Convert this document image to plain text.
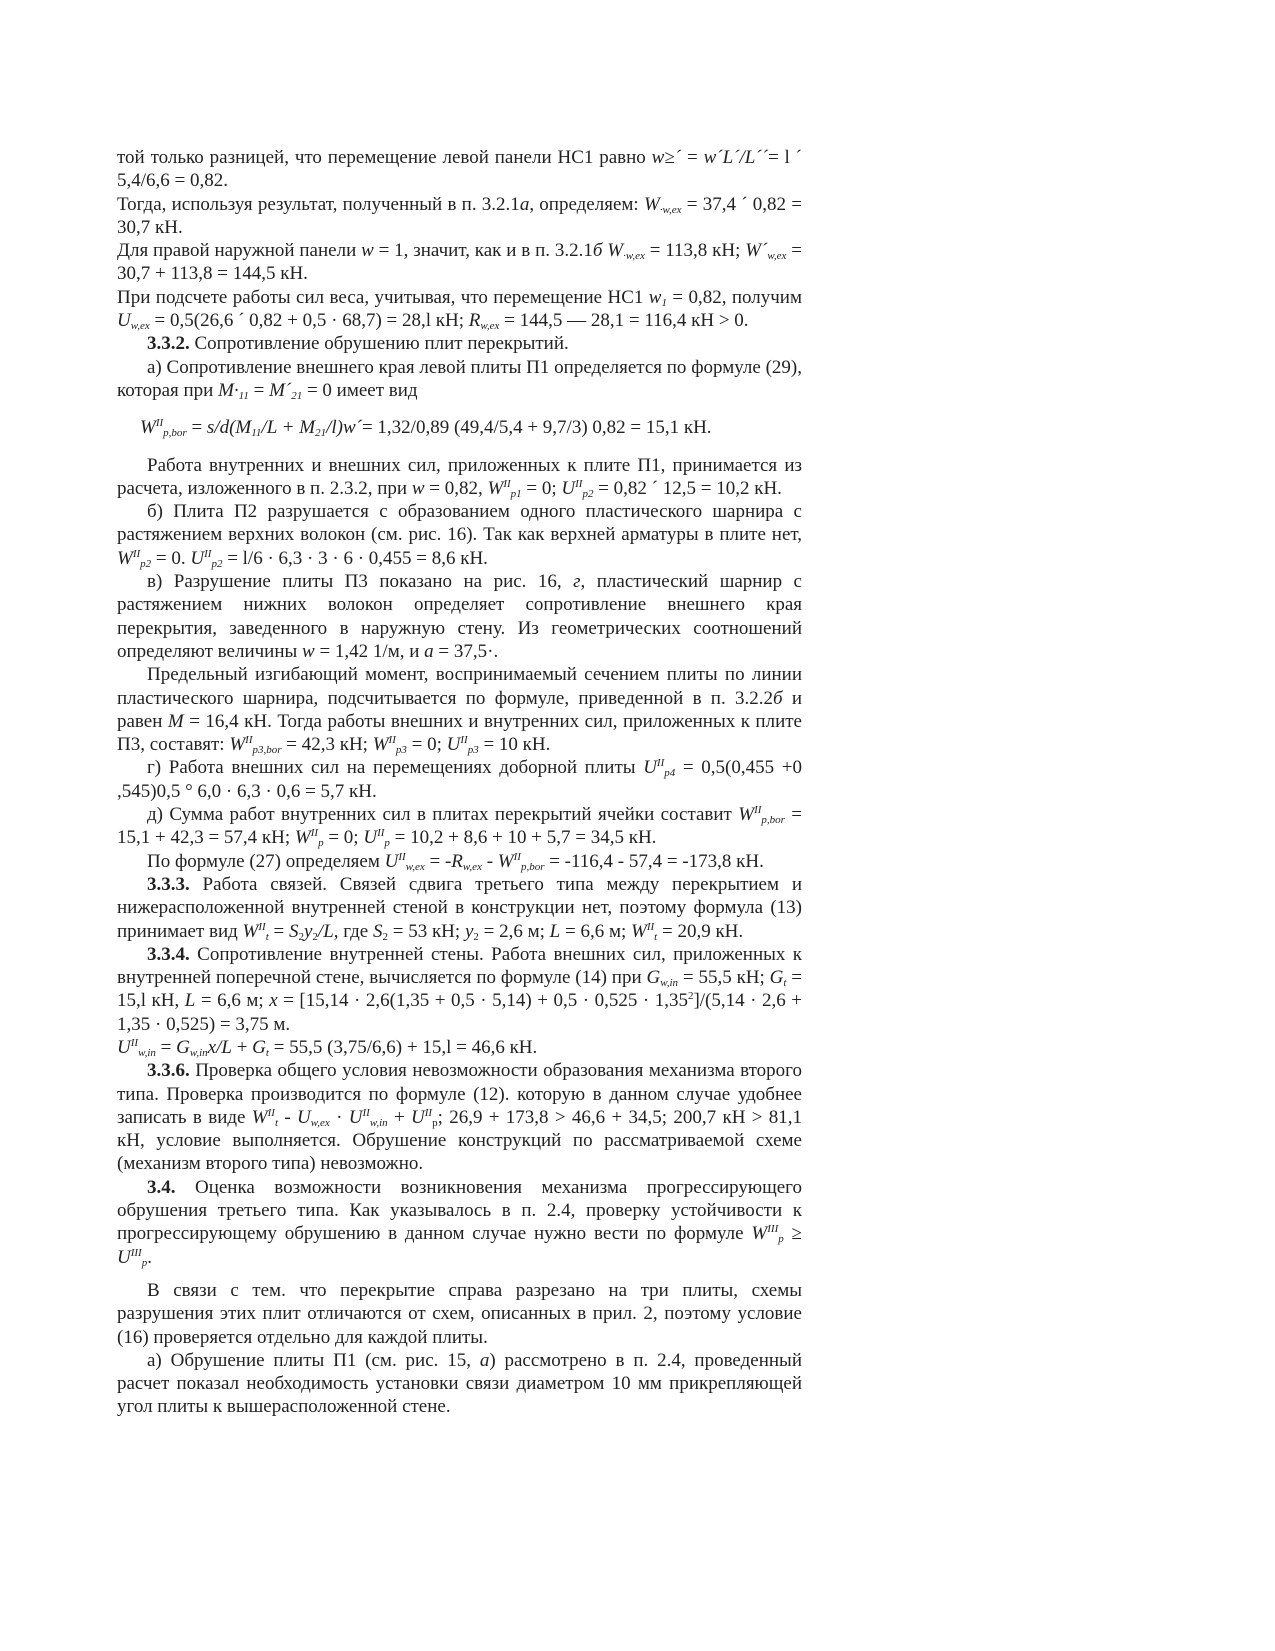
той только разницей, что перемещение левой панели НС1 равно w≥´ = w´L´/L´´= l ´ 5,4/6,6 = 0,82.

Тогда, используя результат, полученный в п. 3.2.1а, определяем: $W_{\cdot w,ex} = 37,4$ ´ 0,82 = 30,7 кН.

Для правой наружной панели w = 1, значит, как и в п. 3.2.1б $W_{\cdot w,ex} = 113,8$ кН; $W´_{w,ex} = 30,7 + 113,8 = 144,5$ кН.

При подсчете работы сил веса, учитывая, что перемещение НС1 $w_1 = 0,82$, получим $U_{w,ex} = 0,5(26,6$ ´ 0,82 + 0,5 · 68,7) = 28,l кН; $R_{w,ex} = 144,5$ — 28,1 = 116,4 кН > 0.

3.3.2. Сопротивление обрушению плит перекрытий.

а) Сопротивление внешнего края левой плиты П1 определяется по формуле (29), которая при $M\cdot_{11}$ = $M´_{21} = 0$ имеет вид

$W^{II}_{p,bor} = s/d(M_{11}/L$ + $M_{21}/l)w´= 1,32/0,89$ (49,4/5,4 + 9,7/3) 0,82 = 15,1 кН.

Работа внутренних и внешних сил, приложенных к плите П1, принимается из расчета, изложенного в п. 2.3.2, при w = 0,82, $W^{II}_{p1} = 0$; $U^{II}_{p2} = 0,82$ ´ 12,5 = 10,2 кН.

б) Плита П2 разрушается с образованием одного пластического шарнира с растяжением верхних волокон (см. рис. 16). Так как верхней арматуры в плите нет, $W^{II}_{p2} = 0$. $U^{II}_{p2} = l/6 \cdot 6,3 \cdot 3 \cdot 6 \cdot 0,455 = 8,6$ кН.

в) Разрушение плиты П3 показано на рис. 16, г, пластический шарнир с растяжением нижних волокон определяет сопротивление внешнего края перекрытия, заведенного в наружную стену. Из геометрических соотношений определяют величины w = 1,42 1/м, и a = 37,5·.

Предельный изгибающий момент, воспринимаемый сечением плиты по линии пластического шарнира, подсчитывается по формуле, приведенной в п. 3.2.2б и равен M = 16,4 кН. Тогда работы внешних и внутренних сил, приложенных к плите П3, составят: $W^{II}_{p3,bor} = 42,3$ кН; $W^{II}_{p3} = 0$; $U^{II}_{p3} = 10$ кН.

г) Работа внешних сил на перемещениях доборной плиты $U^{II}_{p4} = 0,5(0,455 +0$ ,545)0,5 ° 6,0 · 6,3 · 0,6 = 5,7 кН.

д) Сумма работ внутренних сил в плитах перекрытий ячейки составит $W^{II}_{p,bor} = 15,1 + 42,3 = 57,4$ кН; $W^{II}_p = 0$; $U^{II}_p = 10,2 + 8,6 + 10 + 5,7 = 34,5$ кН.

По формуле (27) определяем $U^{II}_{w,ex} = -R_{w,ex} - W^{II}_{p,bor} = -116,4 - 57,4 = -173,8$ кН.

3.3.3. Работа связей. Связей сдвига третьего типа между перекрытием и нижерасположенной внутренней стеной в конструкции нет, поэтому формула (13) принимает вид $W^{II}_t = S_2y_2/L$, где $S_2 = 53$ кН; $y_2 = 2,6$ м; L = 6,6 м; $W^{II}_t = 20,9$ кН.

3.3.4. Сопротивление внутренней стены. Работа внешних сил, приложенных к внутренней поперечной стене, вычисляется по формуле (14) при $G_{w,in} = 55,5$ кН; $G_t = 15,l$ кН, L = 6,6 м; $x = [15,14 \cdot 2,6(1,35 + 0,5 \cdot 5,14) + 0,5 \cdot 0,525 \cdot 1,35^2]/(5,14 \cdot 2,6 + 1,35 \cdot 0,525) = 3,75$ м.

$U^{II}_{w,in} = G_{w,in}x/L + G_t = 55,5$ (3,75/6,6) + 15,l = 46,6 кН.

3.3.6. Проверка общего условия невозможности образования механизма второго типа. Проверка производится по формуле (12). которую в данном случае удобнее записать в виде $W^{II}_t - U_{w,ex} \cdot U^{II}_{w,in} + U^{II}_p$; 26,9 + 173,8 > 46,6 + 34,5; 200,7 кН > 81,1 кН, условие выполняется. Обрушение конструкций по рассматриваемой схеме (механизм второго типа) невозможно.

3.4. Оценка возможности возникновения механизма прогрессирующего обрушения третьего типа. Как указывалось в п. 2.4, проверку устойчивости к прогрессирующему обрушению в данном случае нужно вести по формуле $W^{III}_p \ge U^{III}_p$.

В связи с тем. что перекрытие справа разрезано на три плиты, схемы разрушения этих плит отличаются от схем, описанных в прил. 2, поэтому условие (16) проверяется отдельно для каждой плиты.

а) Обрушение плиты П1 (см. рис. 15, а) рассмотрено в п. 2.4, проведенный расчет показал необходимость установки связи диаметром 10 мм прикрепляющей угол плиты к вышерасположенной стене.
